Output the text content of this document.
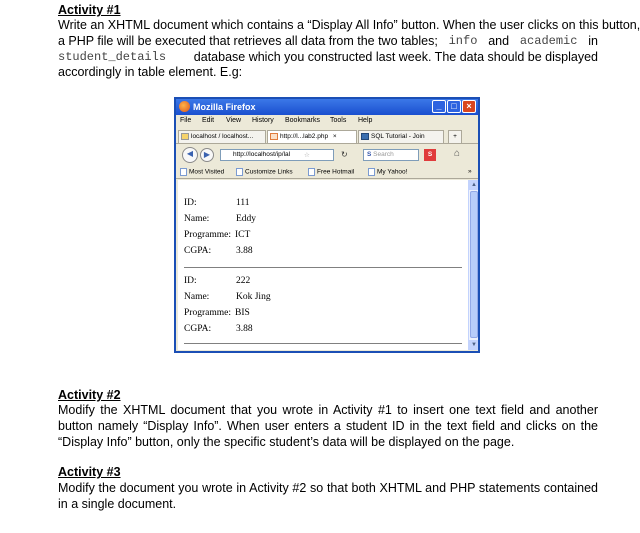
Activity #1
Write an XHTML document which contains a “Display All Info” button. When the user clicks on this button,
a PHP file will be executed that retrieves all data from the two tables; info and academic in
student_details database which you constructed last week. The data should be displayed
accordingly in table element. E.g:
Mozilla Firefox	_	□	×
File Edit View History Bookmarks Tools Help
localhost / localhost...	http://l...lab2.php ×	SQL Tutorial - Join	+
◀	▶	http://localhost/ip/lal	☆	↻	S Search	S	⌂
Most Visited	Customize Links	Free Hotmail	My Yahoo!	»
ID:	111
Name:	Eddy
Programme: ICT
CGPA:	3.88
ID:	222
Name:	Kok Jing
Programme: BIS
CGPA:	3.88
▲
▼
Activity #2
Modify the XHTML document that you wrote in Activity #1 to insert one text field and another button namely “Display Info”. When user enters a student ID in the text field and clicks on the “Display Info” button, only the specific student’s data will be displayed on the page.
Activity #3
Modify the document you wrote in Activity #2 so that both XHTML and PHP statements contained in a single document.
